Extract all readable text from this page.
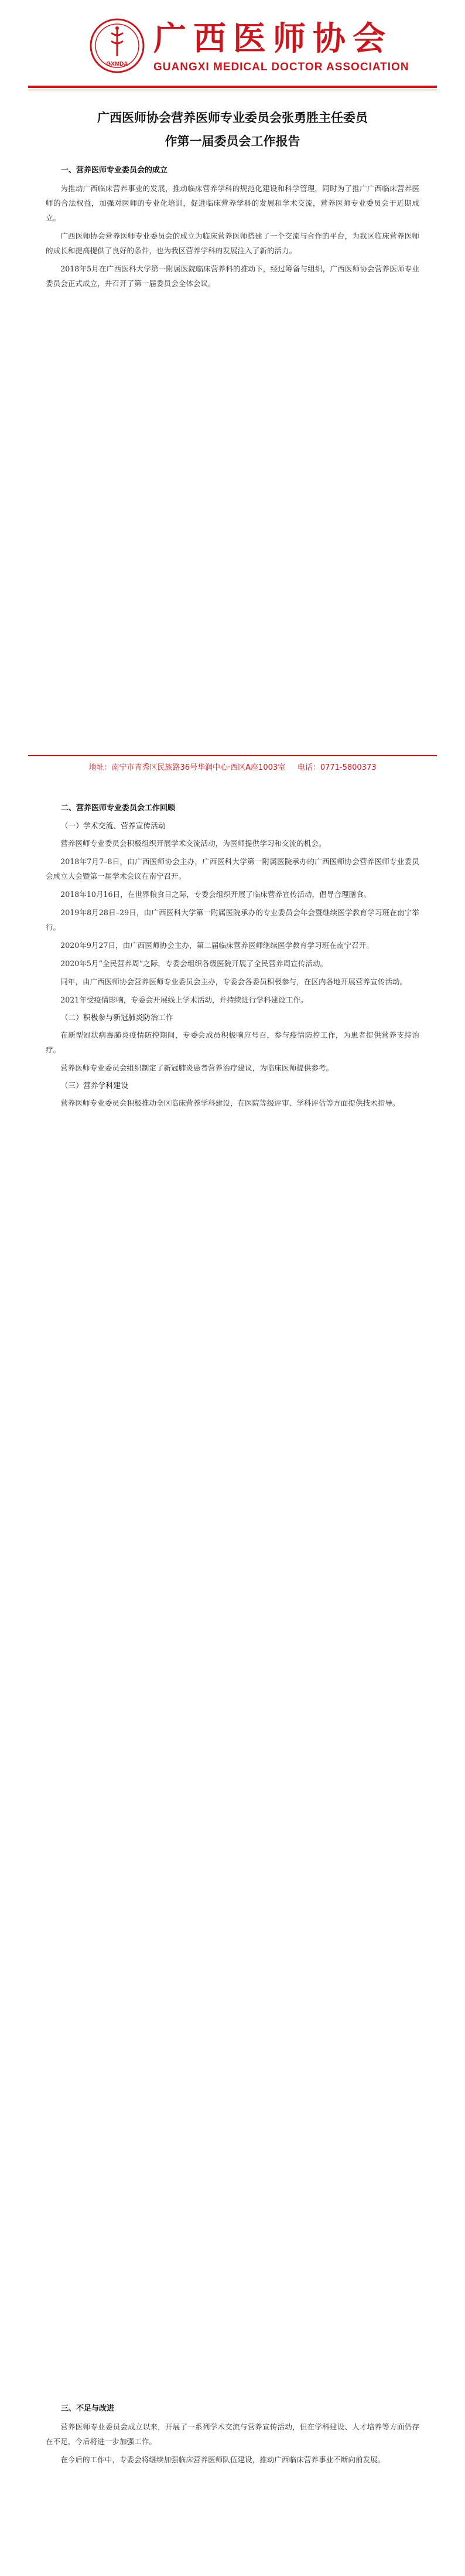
GXMDA
广西医师协会
GUANGXI MEDICAL DOCTOR ASSOCIATION
广西医师协会营养医师专业委员会张勇胜主任委员
作第一届委员会工作报告
一、营养医师专业委员会的成立

为推动广西临床营养事业的发展，推动临床营养学科的规范化建设和科学管理，同时为了推广广西临床营养医师的合法权益，加强对医师的专业化培训，促进临床营养学科的发展和学术交流，营养医师专业委员会于近期成立。

广西医师协会营养医师专业委员会的成立为临床营养医师搭建了一个交流与合作的平台，为我区临床营养医师的成长和提高提供了良好的条件，也为我区营养学科的发展注入了新的活力。

2018年5月在广西医科大学第一附属医院临床营养科的推动下，经过筹备与组织，广西医师协会营养医师专业委员会正式成立，并召开了第一届委员会全体会议。

地址：南宁市青秀区民族路36号华润中心·西区A座1003室 电话：0771-5800373
二、营养医师专业委员会工作回顾
（一）学术交流、营养宣传活动

营养医师专业委员会积极组织开展学术交流活动，为医师提供学习和交流的机会。

2018年7月7–8日，由广西医师协会主办，广西医科大学第一附属医院承办的广西医师协会营养医师专业委员会成立大会暨第一届学术会议在南宁召开。

2018年10月16日，在世界粮食日之际，专委会组织开展了临床营养宣传活动，倡导合理膳食。

2019年8月28日–29日，由广西医科大学第一附属医院承办的专业委员会年会暨继续医学教育学习班在南宁举行。

2020年9月27日，由广西医师协会主办，第二届临床营养医师继续医学教育学习班在南宁召开。

2020年5月“全民营养周”之际，专委会组织各级医院开展了全民营养周宣传活动。

同年，由广西医师协会营养医师专业委员会主办，专委会各委员积极参与，在区内各地开展营养宣传活动。

2021年受疫情影响，专委会开展线上学术活动，并持续进行学科建设工作。

（二）积极参与新冠肺炎防治工作

在新型冠状病毒肺炎疫情防控期间，专委会成员积极响应号召，参与疫情防控工作，为患者提供营养支持治疗。

营养医师专业委员会组织制定了新冠肺炎患者营养治疗建议，为临床医师提供参考。

（三）营养学科建设

营养医师专业委员会积极推动全区临床营养学科建设，在医院等级评审、学科评估等方面提供技术指导。

三、不足与改进

营养医师专业委员会成立以来，开展了一系列学术交流与营养宣传活动，但在学科建设、人才培养等方面仍存在不足，今后将进一步加强工作。

在今后的工作中，专委会将继续加强临床营养医师队伍建设，推动广西临床营养事业不断向前发展。
